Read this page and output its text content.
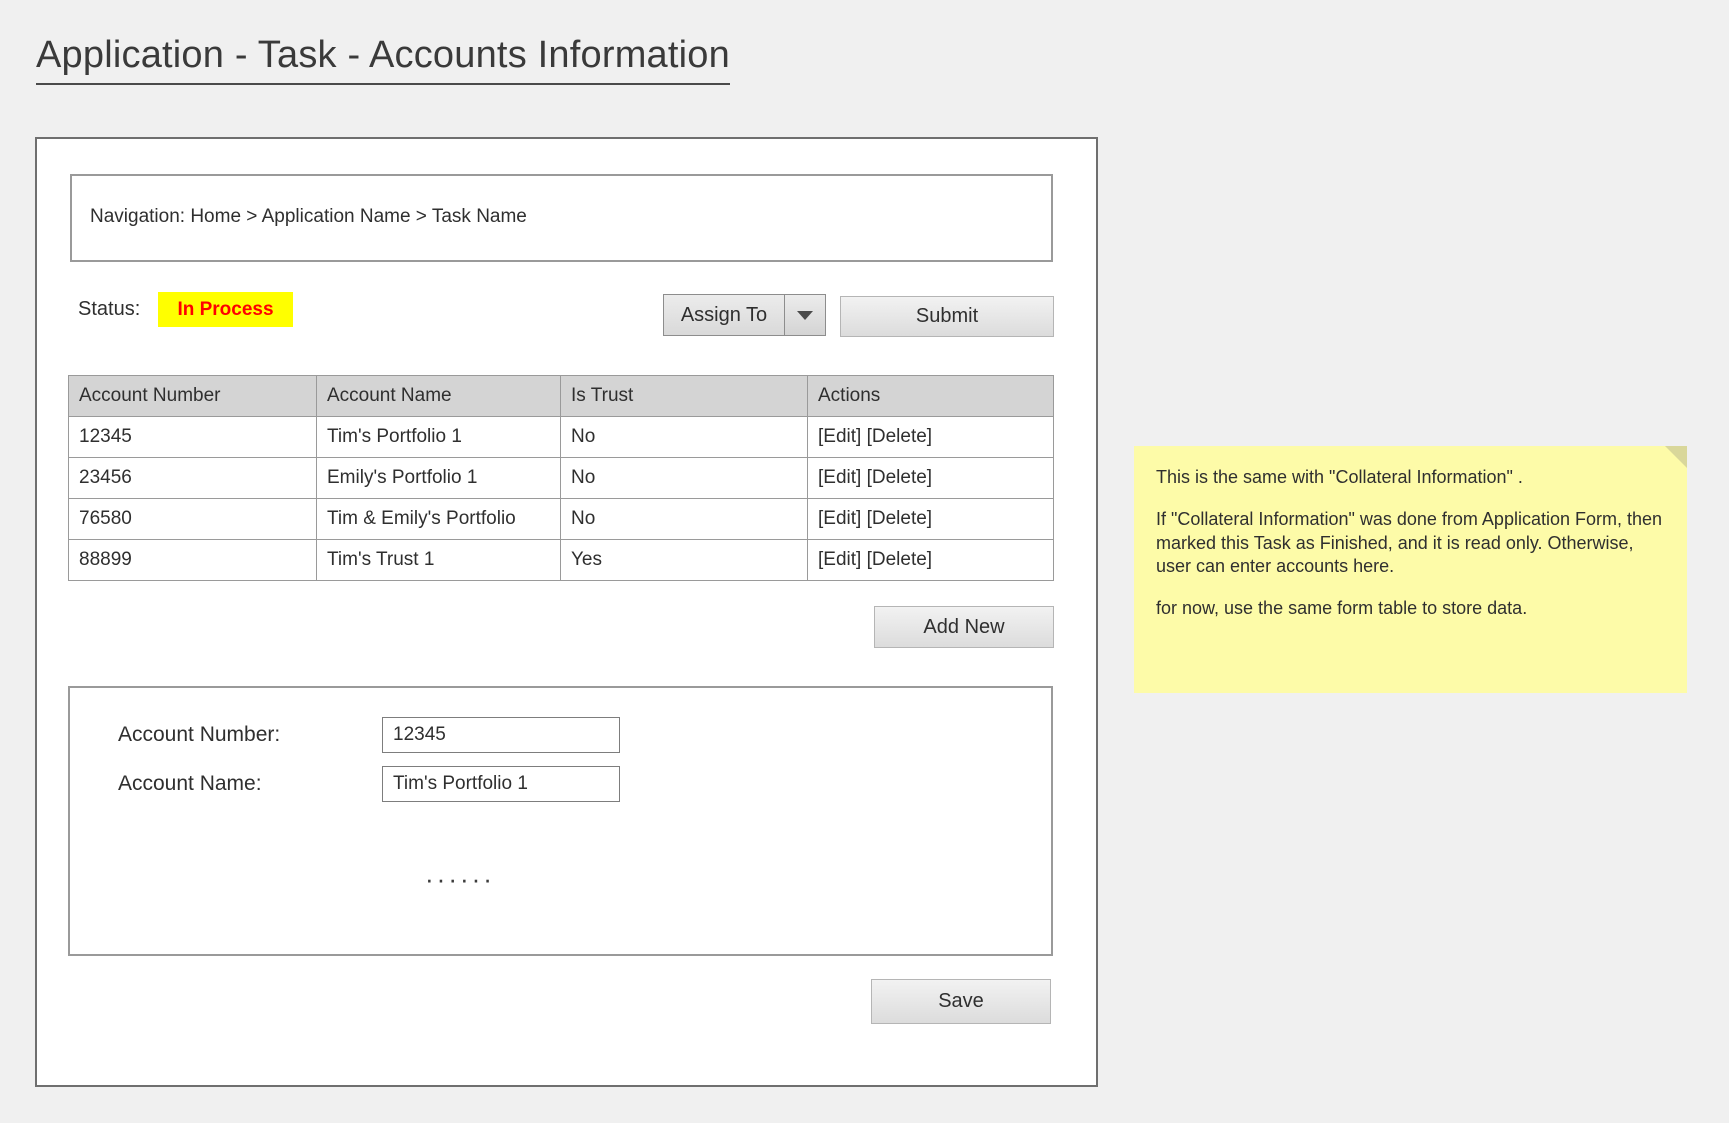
Application - Task - Accounts Information
Navigation: Home > Application Name > Task Name
Status:	In Process	Assign To	Submit
Account Number	Account Name	Is Trust	Actions
12345	Tim's Portfolio 1	No	[Edit] [Delete]
23456	Emily's Portfolio 1	No	[Edit] [Delete]
76580	Tim & Emily's Portfolio	No	[Edit] [Delete]
88899	Tim's Trust 1	Yes	[Edit] [Delete]
Add New
Account Number:
12345
Account Name:
Tim's Portfolio 1
······
Save

This is the same with "Collateral Information" .

If "Collateral Information" was done from Application Form, then marked this Task as Finished, and it is read only. Otherwise, user can enter accounts here.

for now, use the same form table to store data.
